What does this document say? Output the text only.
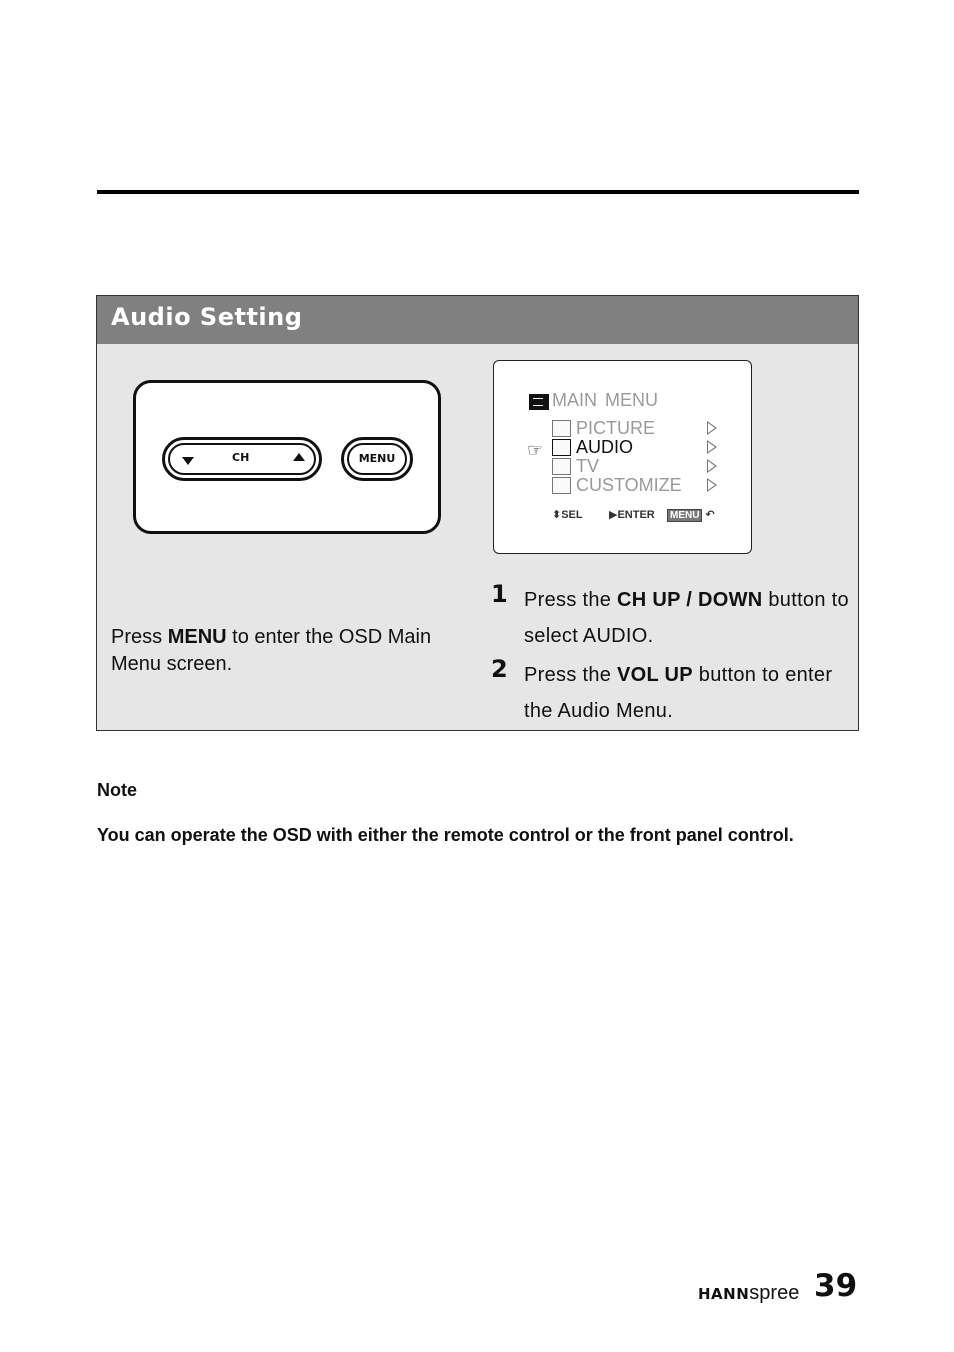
Audio Setting
CH	MENU
MAIN MENU
PICTURE
☞ AUDIO
TV
CUSTOMIZE
⬍SEL ▶ENTER	MENU ↶
Press MENU to enter the OSD Main Menu screen.
1 Press the CH UP / DOWN button to select AUDIO.
2 Press the VOL UP button to enter the Audio Menu.
Note
You can operate the OSD with either the remote control or the front panel control.
HANNspree 39
